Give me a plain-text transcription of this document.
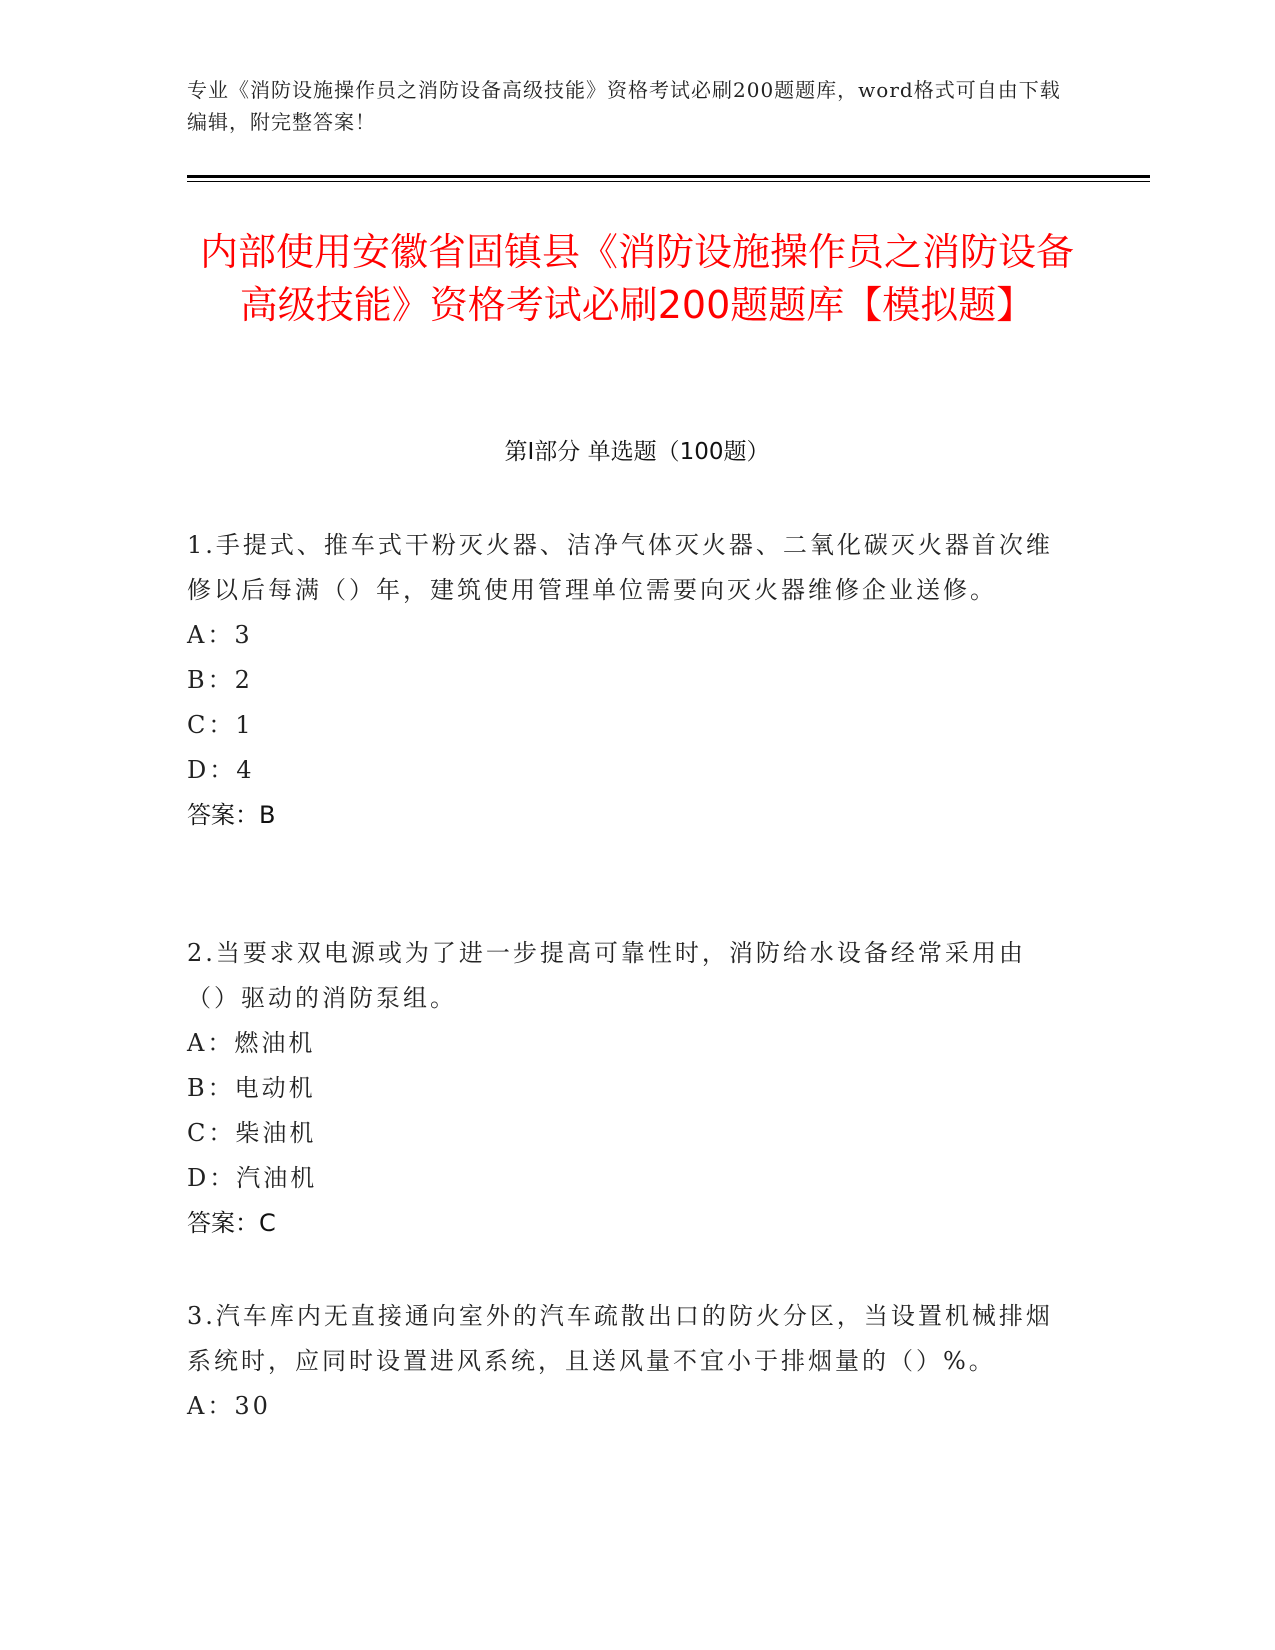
专业《消防设施操作员之消防设备高级技能》资格考试必刷200题题库，word格式可自由下载编辑，附完整答案！
内部使用安徽省固镇县《消防设施操作员之消防设备高级技能》资格考试必刷200题题库【模拟题】
第I部分 单选题（100题）
1.手提式、推车式干粉灭火器、洁净气体灭火器、二氧化碳灭火器首次维修以后每满（）年，建筑使用管理单位需要向灭火器维修企业送修。
A：3
B：2
C：1
D：4
答案：B
2.当要求双电源或为了进一步提高可靠性时，消防给水设备经常采用由（）驱动的消防泵组。
A：燃油机
B：电动机
C：柴油机
D：汽油机
答案：C
3.汽车库内无直接通向室外的汽车疏散出口的防火分区，当设置机械排烟系统时，应同时设置进风系统，且送风量不宜小于排烟量的（）%。
A：30
